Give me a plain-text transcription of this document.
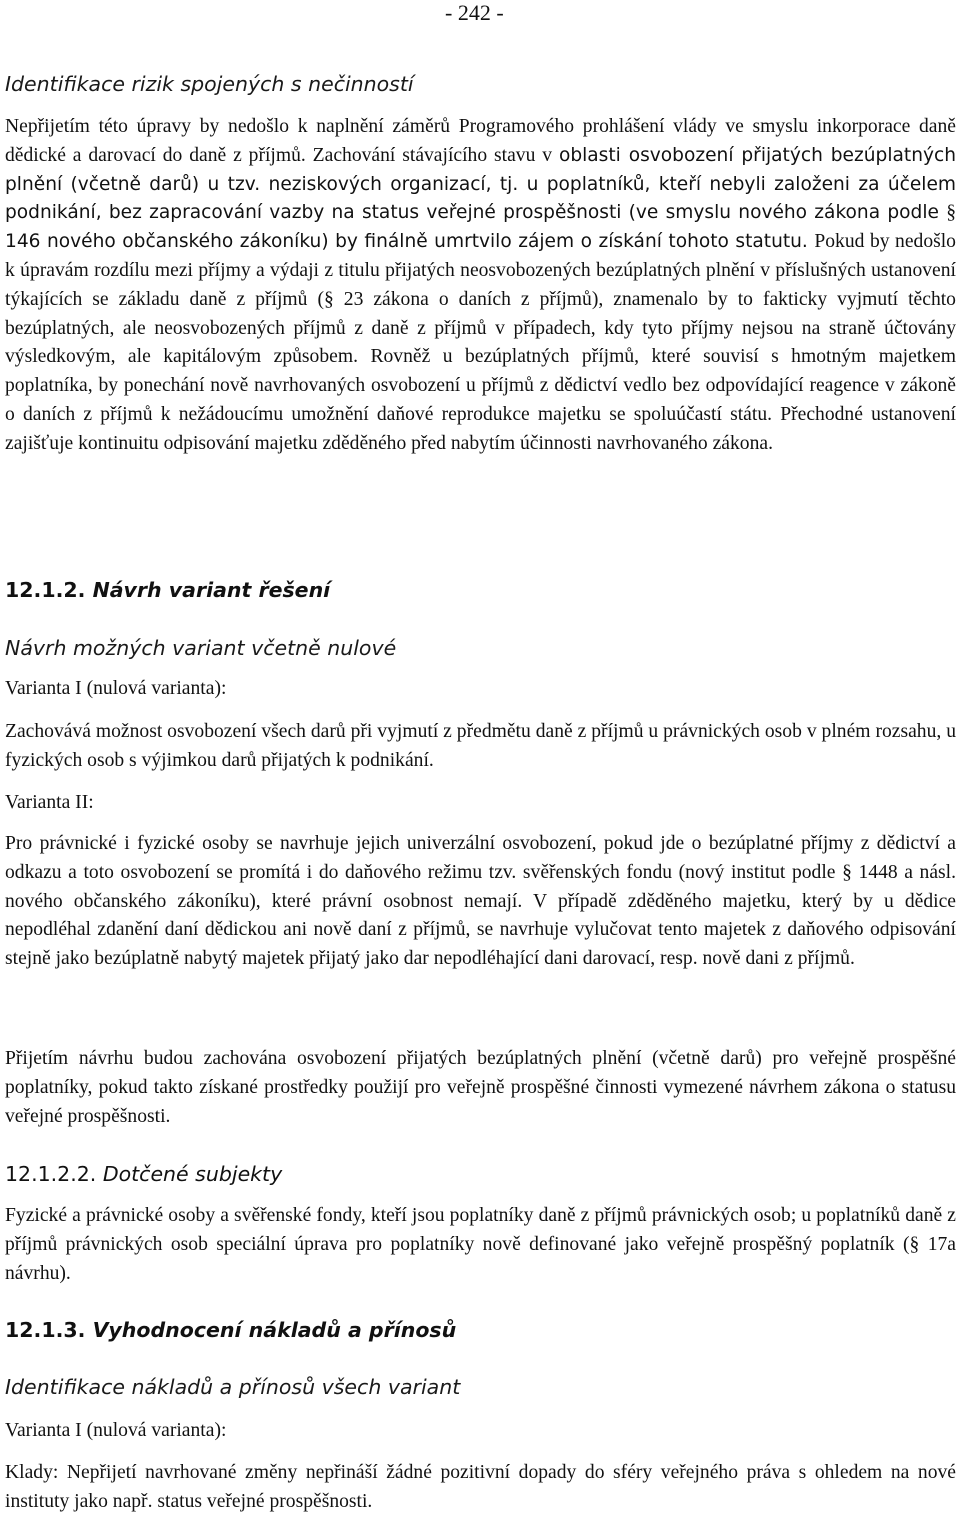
- 242 -
Identifikace rizik spojených s nečinností

Nepřijetím této úpravy by nedošlo k naplnění záměrů Programového prohlášení vlády ve smyslu inkorporace daně dědické a darovací do daně z příjmů. Zachování stávajícího stavu v oblasti osvobození přijatých bezúplatných plnění (včetně darů) u tzv. neziskových organizací, tj. u poplatníků, kteří nebyli založeni za účelem podnikání, bez zapracování vazby na status veřejné prospěšnosti (ve smyslu nového zákona podle § 146 nového občanského zákoníku) by finálně umrtvilo zájem o získání tohoto statutu. Pokud by nedošlo k úpravám rozdílu mezi příjmy a výdaji z titulu přijatých neosvobozených bezúplatných plnění v příslušných ustanovení týkajících se základu daně z příjmů (§ 23 zákona o daních z příjmů), znamenalo by to fakticky vyjmutí těchto bezúplatných, ale neosvobozených příjmů z daně z příjmů v případech, kdy tyto příjmy nejsou na straně účtovány výsledkovým, ale kapitálovým způsobem. Rovněž u bezúplatných příjmů, které souvisí s hmotným majetkem poplatníka, by ponechání nově navrhovaných osvobození u příjmů z dědictví vedlo bez odpovídající reagence v zákoně o daních z příjmů k nežádoucímu umožnění daňové reprodukce majetku se spoluúčastí státu. Přechodné ustanovení zajišťuje kontinuitu odpisování majetku zděděného před nabytím účinnosti navrhovaného zákona.

12.1.2. Návrh variant řešení
Návrh možných variant včetně nulové
Varianta I (nulová varianta):

Zachovává možnost osvobození všech darů při vyjmutí z předmětu daně z příjmů u právnických osob v plném rozsahu, u fyzických osob s výjimkou darů přijatých k podnikání.

Varianta II:

Pro právnické i fyzické osoby se navrhuje jejich univerzální osvobození, pokud jde o bezúplatné příjmy z dědictví a odkazu a toto osvobození se promítá i do daňového režimu tzv. svěřenských fondu (nový institut podle § 1448 a násl. nového občanského zákoníku), které právní osobnost nemají. V případě zděděného majetku, který by u dědice nepodléhal zdanění daní dědickou ani nově daní z příjmů, se navrhuje vylučovat tento majetek z daňového odpisování stejně jako bezúplatně nabytý majetek přijatý jako dar nepodléhající dani darovací, resp. nově dani z příjmů.

Přijetím návrhu budou zachována osvobození přijatých bezúplatných plnění (včetně darů) pro veřejně prospěšné poplatníky, pokud takto získané prostředky použijí pro veřejně prospěšné činnosti vymezené návrhem zákona o statusu veřejné prospěšnosti.

12.1.2.2. Dotčené subjekty

Fyzické a právnické osoby a svěřenské fondy, kteří jsou poplatníky daně z příjmů právnických osob; u poplatníků daně z příjmů právnických osob speciální úprava pro poplatníky nově definované jako veřejně prospěšný poplatník (§ 17a návrhu).

12.1.3. Vyhodnocení nákladů a přínosů
Identifikace nákladů a přínosů všech variant
Varianta I (nulová varianta):

Klady: Nepřijetí navrhované změny nepřináší žádné pozitivní dopady do sféry veřejného práva s ohledem na nové instituty jako např. status veřejné prospěšnosti.
